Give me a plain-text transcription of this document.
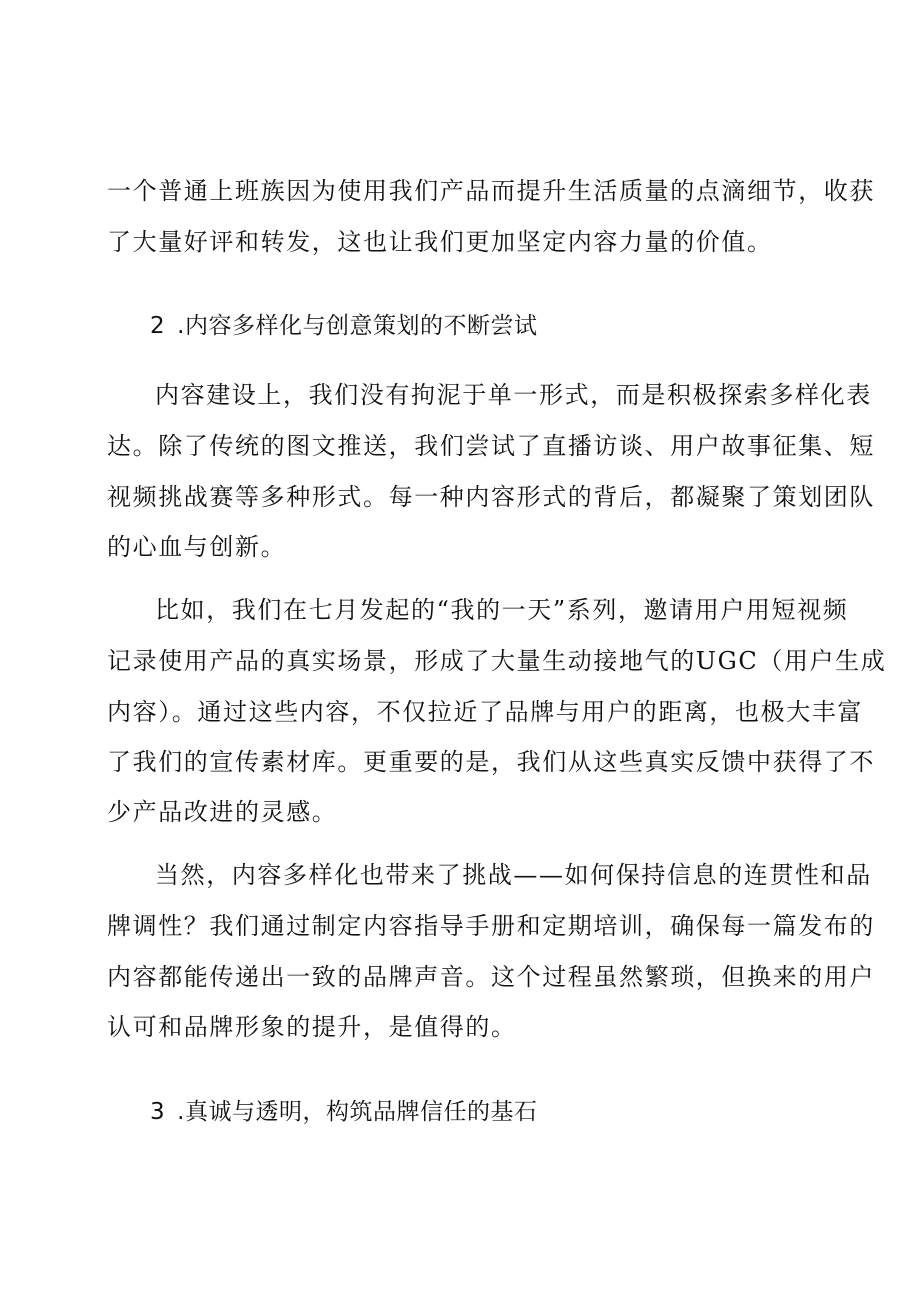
一个普通上班族因为使用我们产品而提升生活质量的点滴细节，收获

了大量好评和转发，这也让我们更加坚定内容力量的价值。

2 .内容多样化与创意策划的不断尝试

内容建设上，我们没有拘泥于单一形式，而是积极探索多样化表

达。除了传统的图文推送，我们尝试了直播访谈、用户故事征集、短

视频挑战赛等多种形式。每一种内容形式的背后，都凝聚了策划团队

的心血与创新。

比如，我们在七月发起的“我的一天”系列，邀请用户用短视频

记录使用产品的真实场景，形成了大量生动接地气的UGC（用户生成

内容）。通过这些内容，不仅拉近了品牌与用户的距离，也极大丰富

了我们的宣传素材库。更重要的是，我们从这些真实反馈中获得了不

少产品改进的灵感。

当然，内容多样化也带来了挑战——如何保持信息的连贯性和品

牌调性？我们通过制定内容指导手册和定期培训，确保每一篇发布的

内容都能传递出一致的品牌声音。这个过程虽然繁琐，但换来的用户

认可和品牌形象的提升，是值得的。

3 .真诚与透明，构筑品牌信任的基石
